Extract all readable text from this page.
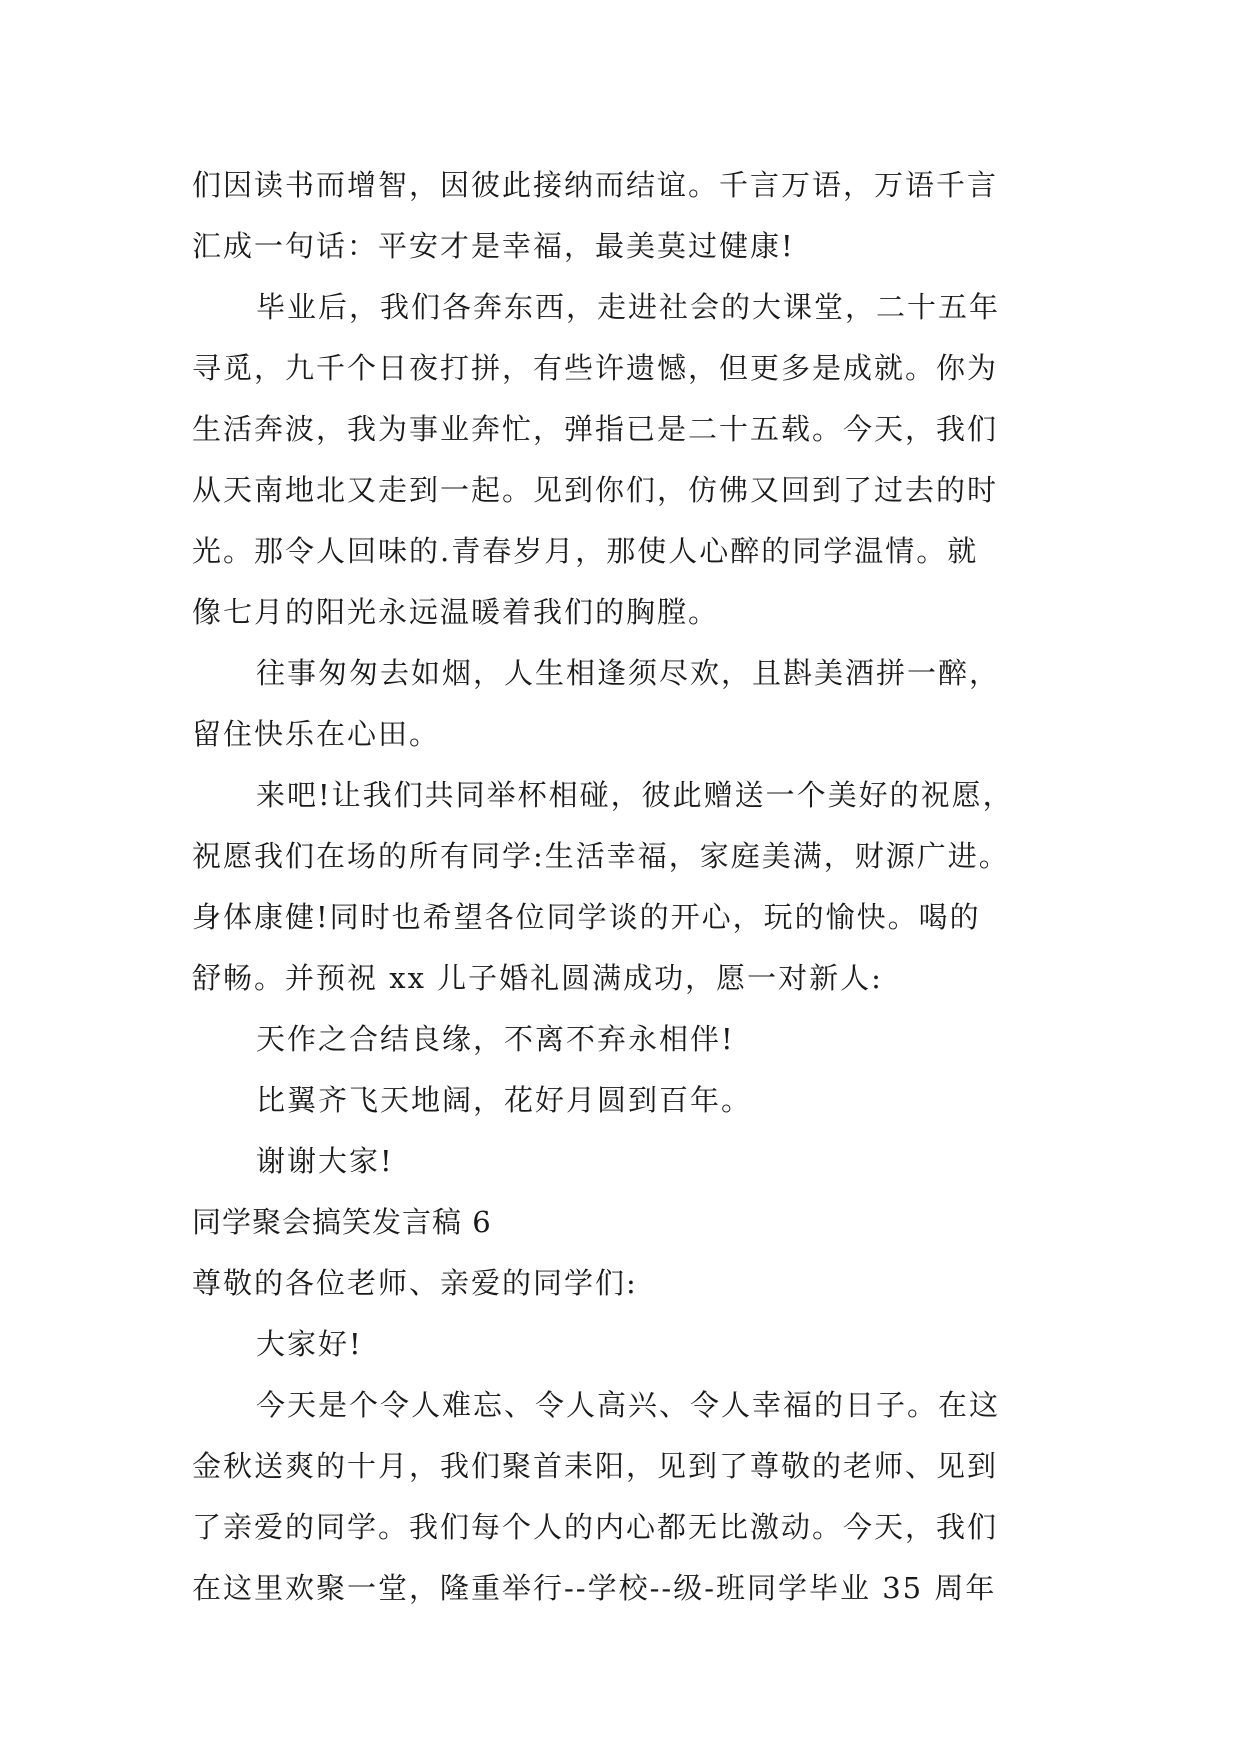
们因读书而增智，因彼此接纳而结谊。千言万语，万语千言
汇成一句话：平安才是幸福，最美莫过健康!
毕业后，我们各奔东西，走进社会的大课堂，二十五年
寻觅，九千个日夜打拼，有些许遗憾，但更多是成就。你为
生活奔波，我为事业奔忙，弹指已是二十五载。今天，我们
从天南地北又走到一起。见到你们，仿佛又回到了过去的时
光。那令人回味的.青春岁月，那使人心醉的同学温情。就
像七月的阳光永远温暖着我们的胸膛。
往事匆匆去如烟，人生相逢须尽欢，且斟美酒拼一醉，
留住快乐在心田。
来吧!让我们共同举杯相碰，彼此赠送一个美好的祝愿，
祝愿我们在场的所有同学:生活幸福，家庭美满，财源广进。
身体康健!同时也希望各位同学谈的开心，玩的愉快。喝的
舒畅。并预祝 xx 儿子婚礼圆满成功，愿一对新人:
天作之合结良缘，不离不弃永相伴!
比翼齐飞天地阔，花好月圆到百年。
谢谢大家!
同学聚会搞笑发言稿 6
尊敬的各位老师、亲爱的同学们:
大家好!
今天是个令人难忘、令人高兴、令人幸福的日子。在这
金秋送爽的十月，我们聚首耒阳，见到了尊敬的老师、见到
了亲爱的同学。我们每个人的内心都无比激动。今天，我们
在这里欢聚一堂，隆重举行--学校--级-班同学毕业 35 周年
